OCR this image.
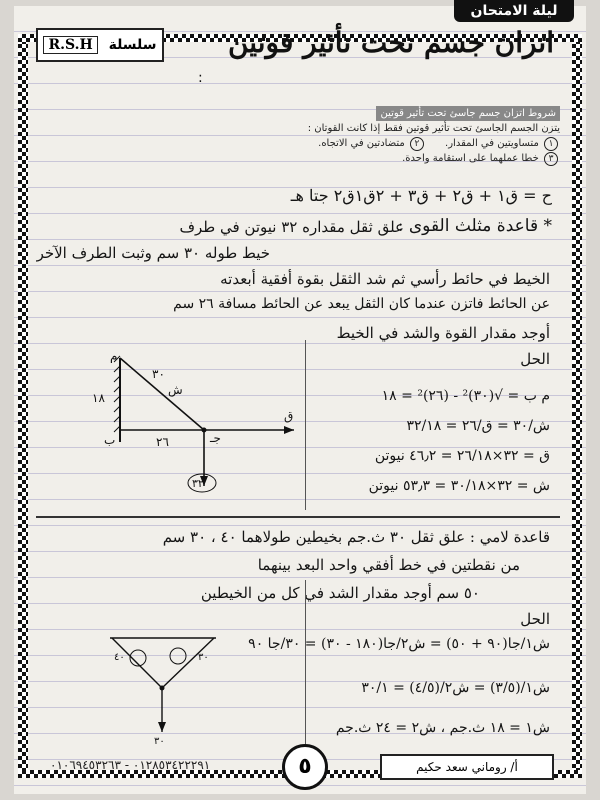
ليلة الامتحان
R.S.H	سلسلة	اتزان جسم تحت تأثير قوتين
:
شروط اتزان جسم جاسئ تحت تأثير قوتين
يتزن الجسم الجاسئ تحت تأثير قوتين فقط إذا كانت القوتان :
١ متساويتين في المقدار.      ٢ متضادتين في الاتجاه.
٣ خطا عملهما على استقامة واحدة.
ح = ق١ + ق٢ + ق٣ + ٢ق١ق٢ جتا هـ
* قاعدة مثلث القوى :
علق ثقل مقداره ٣٢ نيوتن في طرف
خيط طوله ٣٠ سم وثبت الطرف الآخر
الخيط في حائط رأسي ثم شد الثقل بقوة أفقية أبعدته
عن الحائط فاتزن عندما كان الثقل يبعد عن الحائط مسافة ٢٦ سم
أوجد مقدار القوة والشد في الخيط
الحل
م
١٨
٣٠
ب	٢٦	جـ
ق
ش
٣٢
م ب = √(٣٠)² - (٢٦)² = ١٨
ش/٣٠ = ق/٢٦ = ٣٢/١٨
ق = ٣٢×٢٦/١٨ = ٤٦٫٢ نيوتن
ش = ٣٢×٣٠/١٨ = ٥٣٫٣ نيوتن
قاعدة لامي : علق ثقل ٣٠ ث.جم بخيطين طولاهما ٤٠ ، ٣٠ سم
من نقطتين في خط أفقي واحد البعد بينهما
٥٠ سم أوجد مقدار الشد في كل من الخيطين
الحل
٤٠	٣٠
٣٠
ش١/جا(٩٠ + ٥٠) = ش٢/جا(١٨٠ - ٣٠) = ٣٠/جا ٩٠
ش١/(٣/٥) = ش٢/(٤/٥) = ٣٠/١
ش١ = ١٨ ث.جم ، ش٢ = ٢٤ ث.جم
٠١٢٨٥٣٤٢٢٢٩١ - ٠١٠٦٩٤٥٣٢٦٣	أ/ روماني سعد حكيم
٥
